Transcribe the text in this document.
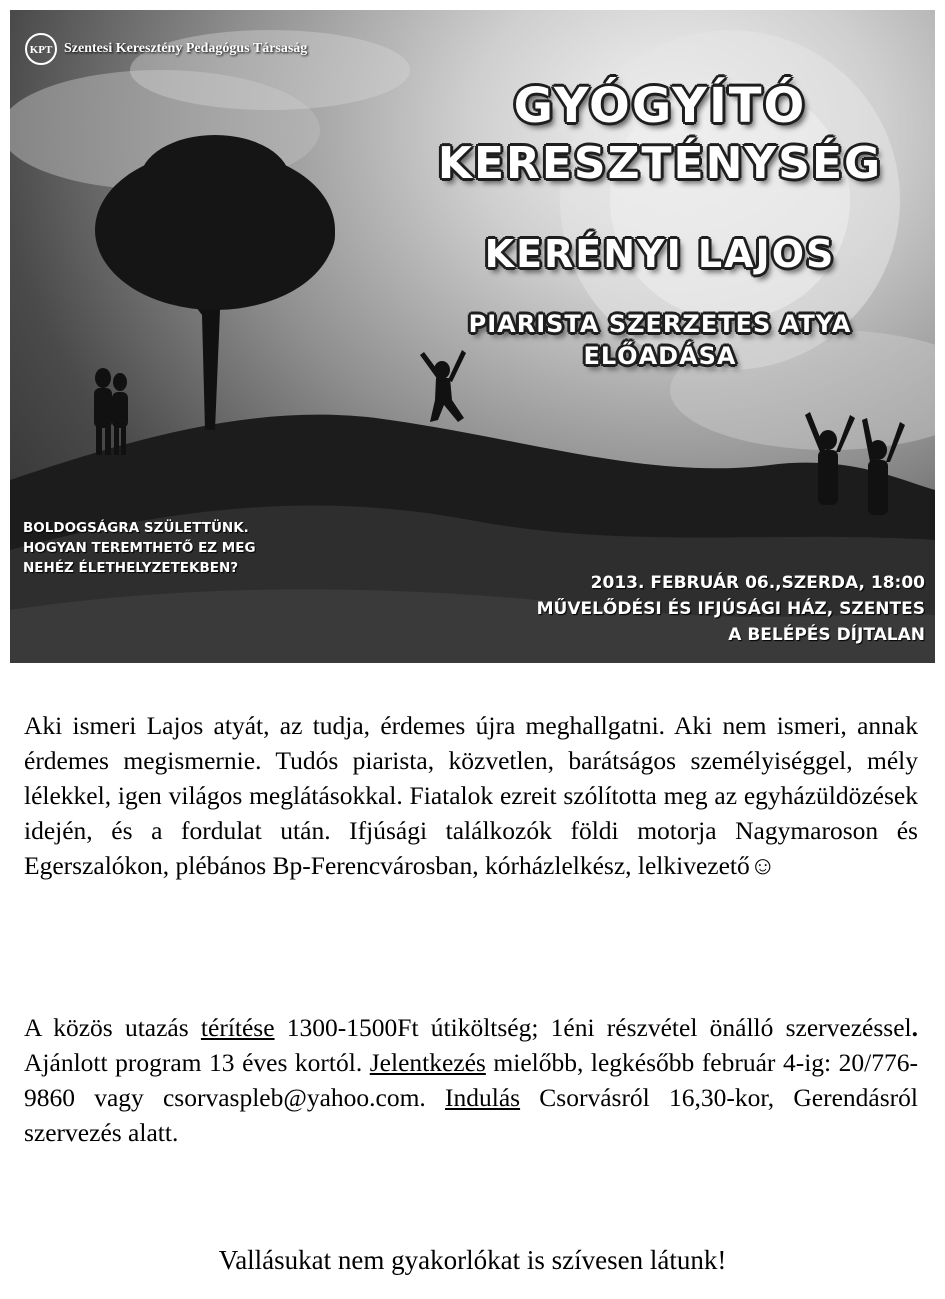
KPT Szentesi Keresztény Pedagógus Társaság
GYÓGYÍTÓ
KERESZTÉNYSÉG
KERÉNYI LAJOS
PIARISTA SZERZETES ATYA
ELŐADÁSA
BOLDOGSÁGRA SZÜLETTÜNK.
HOGYAN TEREMTHETŐ EZ MEG
NEHÉZ ÉLETHELYZETEKBEN?
2013. FEBRUÁR 06.,SZERDA, 18:00
MŰVELŐDÉSI ÉS IFJÚSÁGI HÁZ, SZENTES
A BELÉPÉS DÍJTALAN
Aki ismeri Lajos atyát, az tudja, érdemes újra meghallgatni. Aki nem ismeri, annak érdemes megismernie. Tudós piarista, közvetlen, barátságos személyiséggel, mély lélekkel, igen világos meglátásokkal. Fiatalok ezreit szólította meg az egyházüldözések idején, és a fordulat után. Ifjúsági találkozók földi motorja Nagymaroson és Egerszalókon, plébános Bp-Ferencvárosban, kórházlelkész, lelkivezető☺
A közös utazás térítése 1300-1500Ft útiköltség; 1éni részvétel önálló szervezéssel. Ajánlott program 13 éves kortól. Jelentkezés mielőbb, legkésőbb február 4-ig: 20/776-9860 vagy csorvaspleb@yahoo.com. Indulás Csorvásról 16,30-kor, Gerendásról szervezés alatt.
Vallásukat nem gyakorlókat is szívesen látunk!
